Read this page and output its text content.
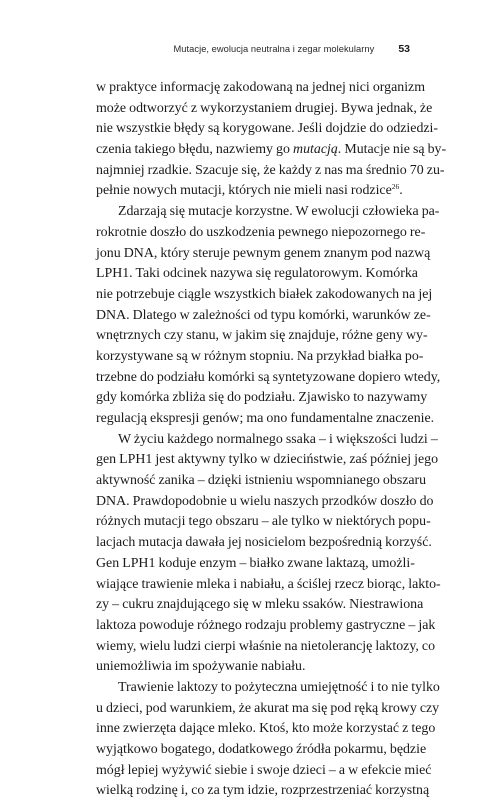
Mutacje, ewolucja neutralna i zegar molekularny 53
w praktyce informację zakodowaną na jednej nici organizm
może odtworzyć z wykorzystaniem drugiej. Bywa jednak, że
nie wszystkie błędy są korygowane. Jeśli dojdzie do odziedzi-
czenia takiego błędu, nazwiemy go mutacją. Mutacje nie są by-
najmniej rzadkie. Szacuje się, że każdy z nas ma średnio 70 zu-
pełnie nowych mutacji, których nie mieli nasi rodzice$^{26}$.
Zdarzają się mutacje korzystne. W ewolucji człowieka pa-
rokrotnie doszło do uszkodzenia pewnego niepozornego re-
jonu DNA, który steruje pewnym genem znanym pod nazwą
LPH1. Taki odcinek nazywa się regulatorowym. Komórka
nie potrzebuje ciągle wszystkich białek zakodowanych na jej
DNA. Dlatego w zależności od typu komórki, warunków ze-
wnętrznych czy stanu, w jakim się znajduje, różne geny wy-
korzystywane są w różnym stopniu. Na przykład białka po-
trzebne do podziału komórki są syntetyzowane dopiero wtedy,
gdy komórka zbliża się do podziału. Zjawisko to nazywamy
regulacją ekspresji genów; ma ono fundamentalne znaczenie.
W życiu każdego normalnego ssaka – i większości ludzi –
gen LPH1 jest aktywny tylko w dzieciństwie, zaś później jego
aktywność zanika – dzięki istnieniu wspomnianego obszaru
DNA. Prawdopodobnie u wielu naszych przodków doszło do
różnych mutacji tego obszaru – ale tylko w niektórych popu-
lacjach mutacja dawała jej nosicielom bezpośrednią korzyść.
Gen LPH1 koduje enzym – białko zwane laktazą, umożli-
wiające trawienie mleka i nabiału, a ściślej rzecz biorąc, lakto-
zy – cukru znajdującego się w mleku ssaków. Niestrawiona
laktoza powoduje różnego rodzaju problemy gastryczne – jak
wiemy, wielu ludzi cierpi właśnie na nietolerancję laktozy, co
uniemożliwia im spożywanie nabiału.
Trawienie laktozy to pożyteczna umiejętność i to nie tylko
u dzieci, pod warunkiem, że akurat ma się pod ręką krowy czy
inne zwierzęta dające mleko. Ktoś, kto może korzystać z tego
wyjątkowo bogatego, dodatkowego źródła pokarmu, będzie
mógł lepiej wyżywić siebie i swoje dzieci – a w efekcie mieć
wielką rodzinę i, co za tym idzie, rozprzestrzeniać korzystną
